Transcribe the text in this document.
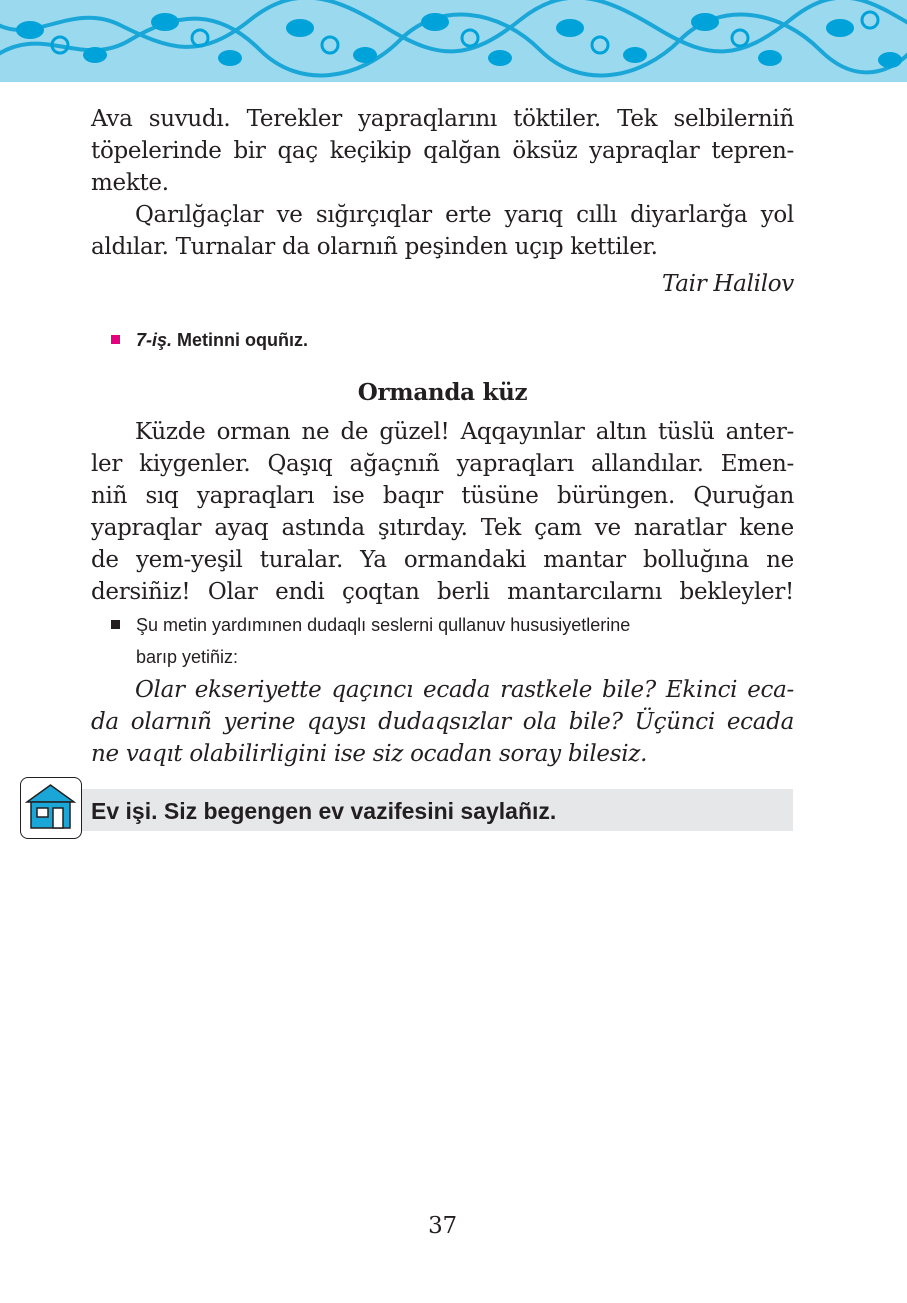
Ava suvudı. Terekler yapraqlarını töktiler. Tek selbilerniñ
töpelerinde bir qaç keçikip qalğan öksüz yapraqlar tepren-
mekte.
Qarılğaçlar ve sığırçıqlar erte yarıq cıllı diyarlarğa yol
aldılar. Turnalar da olarnıñ peşinden uçıp kettiler.
Tair Halilov
7-iş. Metinni oquñız.
Ormanda küz
Küzde orman ne de güzel! Aqqayınlar altın tüslü anter-
ler kiygenler. Qaşıq ağaçnıñ yapraqları allandılar. Emen-
niñ sıq yapraqları ise baqır tüsüne bürüngen. Quruğan
yapraqlar ayaq astında şıtırday. Tek çam ve naratlar kene
de yem-yeşil turalar. Ya ormandaki mantar bolluğına ne
dersiñiz! Olar endi çoqtan berli mantarcılarnı bekleyler!
Şu metin yardımınen dudaqlı seslerni qullanuv hususiyetlerine
barıp yetiñiz:
Olar ekseriyette qaçıncı ecada rastkele bile? Ekinci eca-
da olarnıñ yerine qaysı dudaqsızlar ola bile? Üçünci ecada
ne vaqıt olabilirligini ise siz ocadan soray bilesiz.
Ev işi. Siz begengen ev vazifesini saylañız.
37
